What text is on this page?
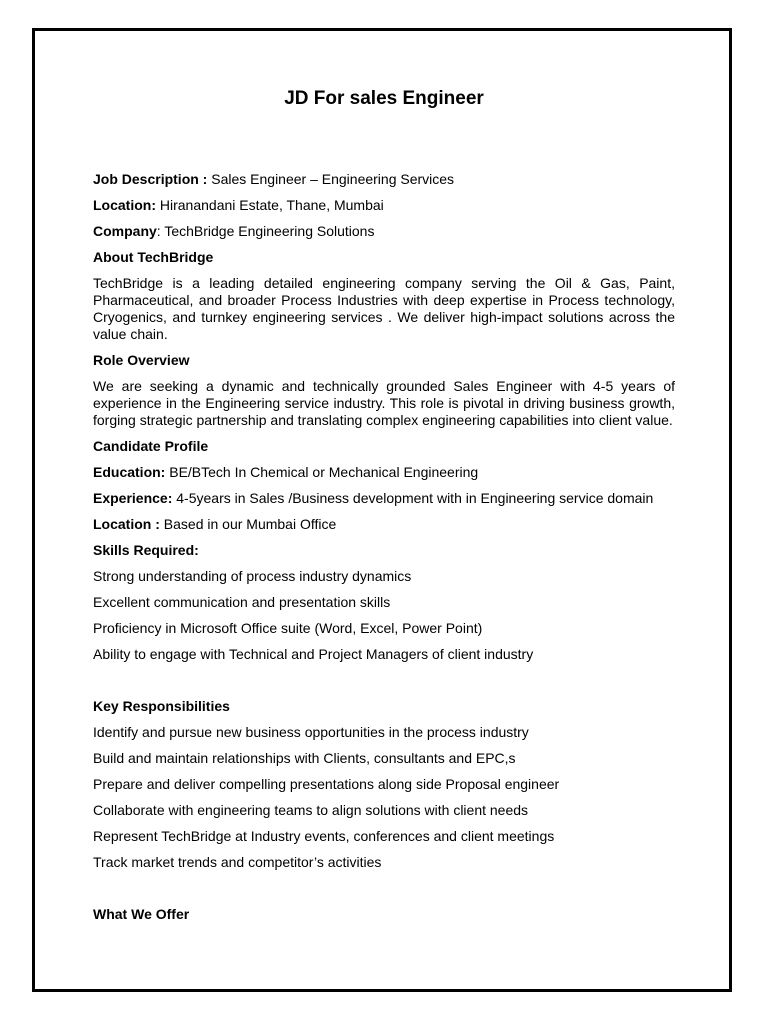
JD For sales Engineer
Job Description : Sales Engineer – Engineering Services
Location: Hiranandani Estate, Thane, Mumbai
Company: TechBridge Engineering Solutions
About TechBridge
TechBridge is a leading detailed engineering company serving the Oil & Gas, Paint, Pharmaceutical, and broader Process Industries with deep expertise in Process technology, Cryogenics, and turnkey engineering services . We deliver high-impact solutions across the value chain.
Role Overview
We are seeking a dynamic and technically grounded Sales Engineer with 4-5 years of experience in the Engineering service industry. This role is pivotal in driving business growth, forging strategic partnership and translating complex engineering capabilities into client value.
Candidate Profile
Education: BE/BTech In Chemical or Mechanical Engineering
Experience: 4-5years in Sales /Business development with in Engineering service domain
Location : Based in our Mumbai Office
Skills Required:
Strong understanding of process industry dynamics
Excellent communication and presentation skills
Proficiency in Microsoft Office suite (Word, Excel, Power Point)
Ability to engage with Technical and Project Managers of client industry
Key Responsibilities
Identify and pursue new business opportunities in the process industry
Build and maintain relationships with Clients, consultants and EPC,s
Prepare and deliver compelling presentations along side Proposal engineer
Collaborate with engineering teams to align solutions with client needs
Represent TechBridge at Industry events, conferences and client meetings
Track market trends and competitor’s activities
What We Offer
